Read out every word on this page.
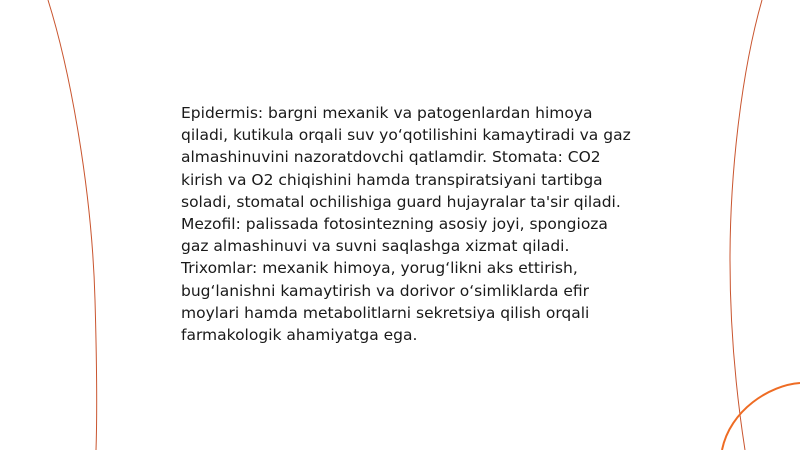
Epidermis: bargni mexanik va patogenlardan himoya qiladi, kutikula orqali suv yo‘qotilishini kamaytiradi va gaz almashinuvini nazoratdovchi qatlamdir. Stomata: CO2 kirish va O2 chiqishini hamda transpiratsiyani tartibga soladi, stomatal ochilishiga guard hujayralar ta'sir qiladi. Mezofil: palissada fotosintezning asosiy joyi, spongioza gaz almashinuvi va suvni saqlashga xizmat qiladi. Trixomlar: mexanik himoya, yorug‘likni aks ettirish, bug‘lanishni kamaytirish va dorivor o‘simliklarda efir moylari hamda metabolitlarni sekretsiya qilish orqali farmakologik ahamiyatga ega.
